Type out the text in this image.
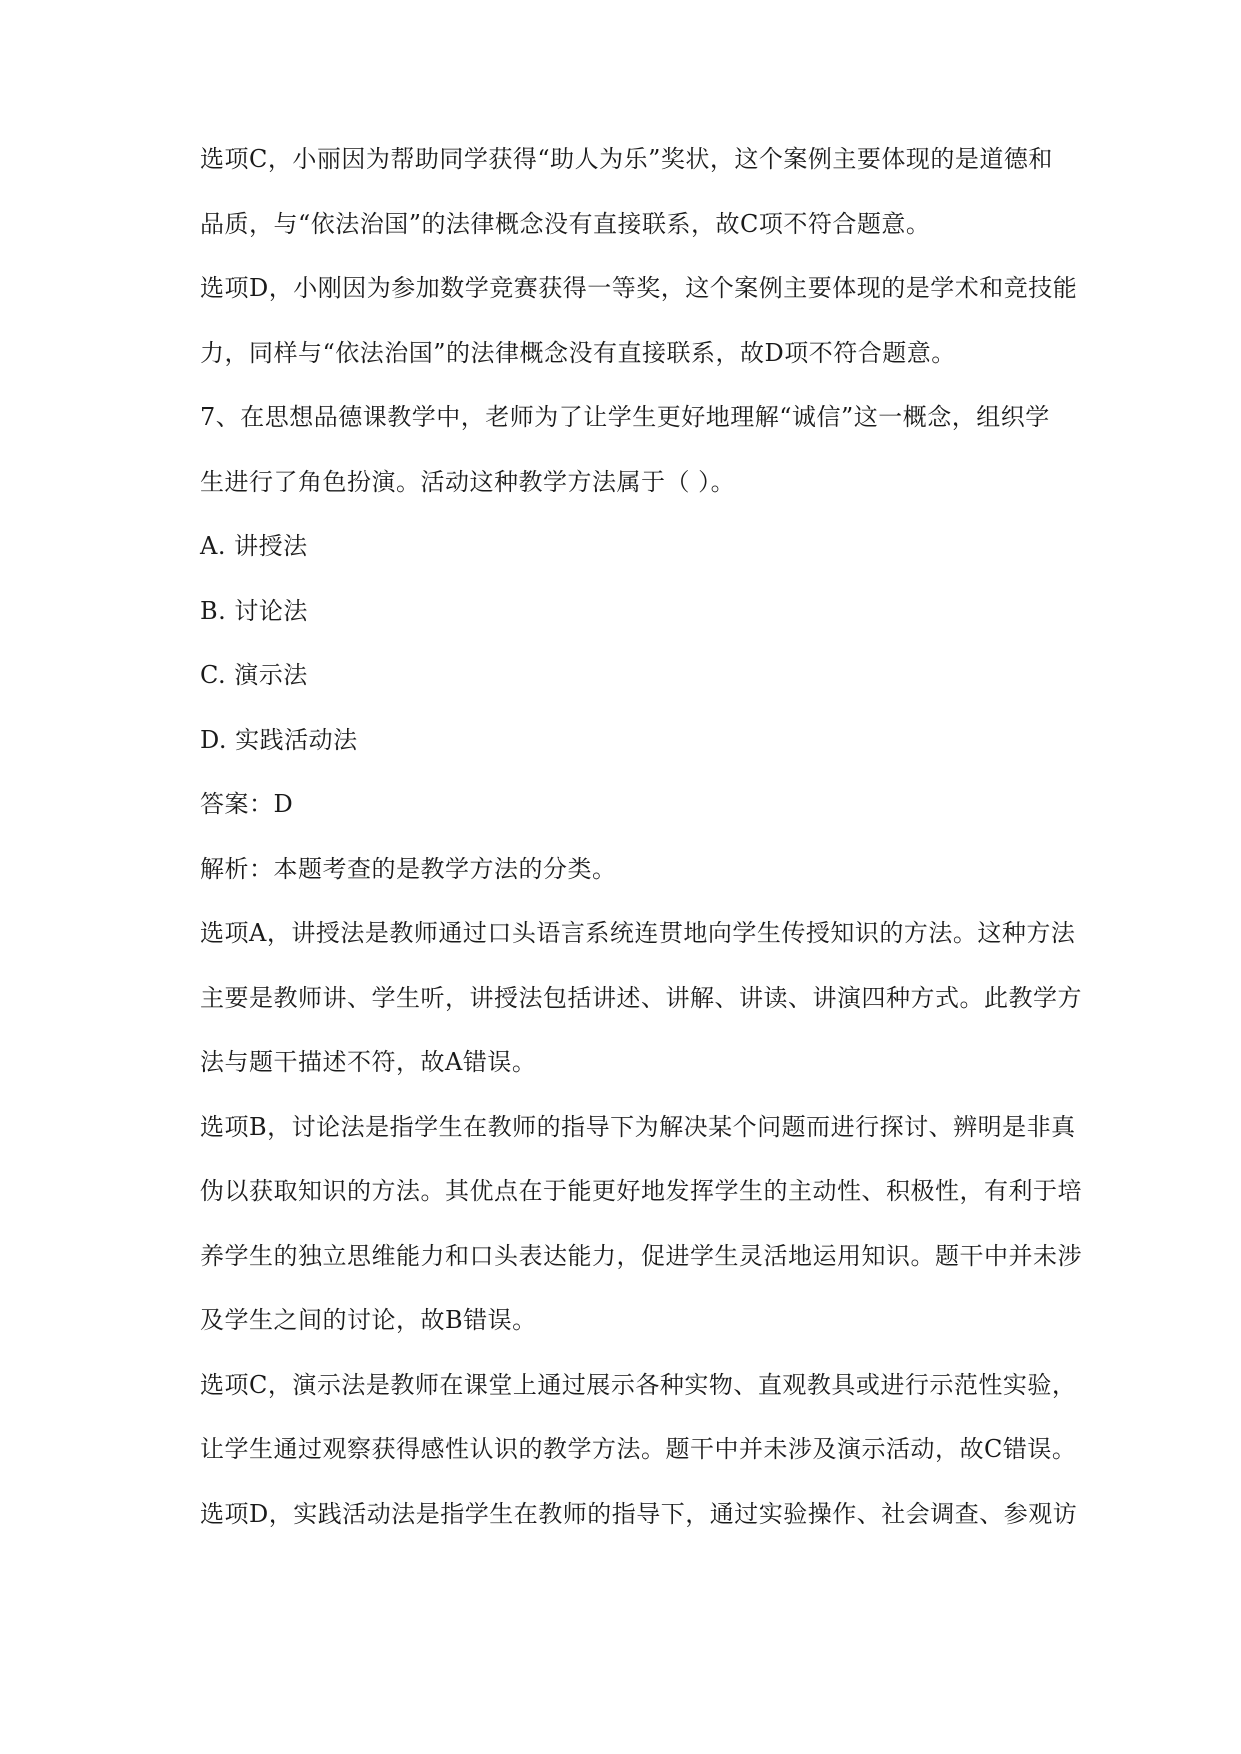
选项C，小丽因为帮助同学获得“助人为乐”奖状，这个案例主要体现的是道德和
品质，与“依法治国”的法律概念没有直接联系，故C项不符合题意。
选项D，小刚因为参加数学竞赛获得一等奖，这个案例主要体现的是学术和竞技能
力，同样与“依法治国”的法律概念没有直接联系，故D项不符合题意。
7、在思想品德课教学中，老师为了让学生更好地理解“诚信”这一概念，组织学
生进行了角色扮演。活动这种教学方法属于（ ）。
A. 讲授法
B. 讨论法
C. 演示法
D. 实践活动法
答案：D
解析：本题考查的是教学方法的分类。
选项A，讲授法是教师通过口头语言系统连贯地向学生传授知识的方法。这种方法
主要是教师讲、学生听，讲授法包括讲述、讲解、讲读、讲演四种方式。此教学方
法与题干描述不符，故A错误。
选项B，讨论法是指学生在教师的指导下为解决某个问题而进行探讨、辨明是非真
伪以获取知识的方法。其优点在于能更好地发挥学生的主动性、积极性，有利于培
养学生的独立思维能力和口头表达能力，促进学生灵活地运用知识。题干中并未涉
及学生之间的讨论，故B错误。
选项C，演示法是教师在课堂上通过展示各种实物、直观教具或进行示范性实验，
让学生通过观察获得感性认识的教学方法。题干中并未涉及演示活动，故C错误。
选项D，实践活动法是指学生在教师的指导下，通过实验操作、社会调查、参观访
